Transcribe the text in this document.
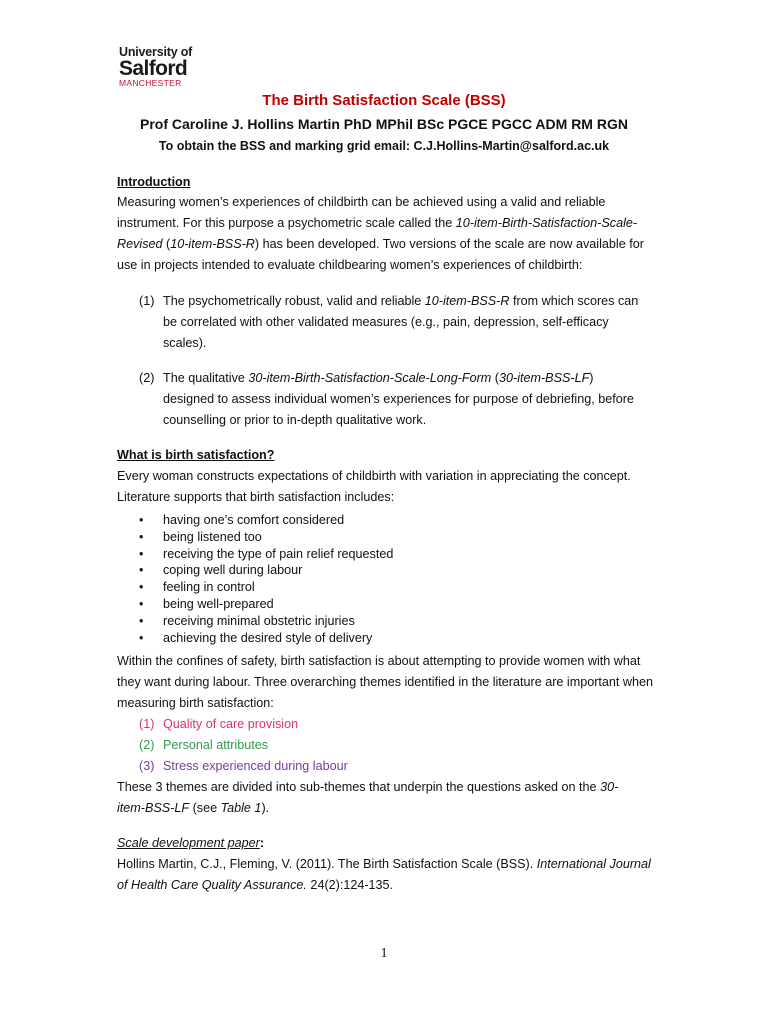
University of
Salford
MANCHESTER
The Birth Satisfaction Scale (BSS)
Prof Caroline J. Hollins Martin PhD MPhil BSc PGCE PGCC ADM RM RGN
To obtain the BSS and marking grid email: C.J.Hollins-Martin@salford.ac.uk
Introduction
Measuring women’s experiences of childbirth can be achieved using a valid and reliable instrument. For this purpose a psychometric scale called the 10-item-Birth-Satisfaction-Scale-Revised (10-item-BSS-R) has been developed. Two versions of the scale are now available for use in projects intended to evaluate childbearing women’s experiences of childbirth:
(1) The psychometrically robust, valid and reliable 10-item-BSS-R from which scores can be correlated with other validated measures (e.g., pain, depression, self-efficacy scales).
(2) The qualitative 30-item-Birth-Satisfaction-Scale-Long-Form (30-item-BSS-LF) designed to assess individual women’s experiences for purpose of debriefing, before counselling or prior to in-depth qualitative work.
What is birth satisfaction?
Every woman constructs expectations of childbirth with variation in appreciating the concept. Literature supports that birth satisfaction includes:
• having one’s comfort considered
• being listened too
• receiving the type of pain relief requested
• coping well during labour
• feeling in control
• being well-prepared
• receiving minimal obstetric injuries
• achieving the desired style of delivery
Within the confines of safety, birth satisfaction is about attempting to provide women with what they want during labour. Three overarching themes identified in the literature are important when measuring birth satisfaction:
(1) Quality of care provision
(2) Personal attributes
(3) Stress experienced during labour
These 3 themes are divided into sub-themes that underpin the questions asked on the 30-item-BSS-LF (see Table 1).
Scale development paper:
Hollins Martin, C.J., Fleming, V. (2011). The Birth Satisfaction Scale (BSS). International Journal of Health Care Quality Assurance. 24(2):124-135.
1
